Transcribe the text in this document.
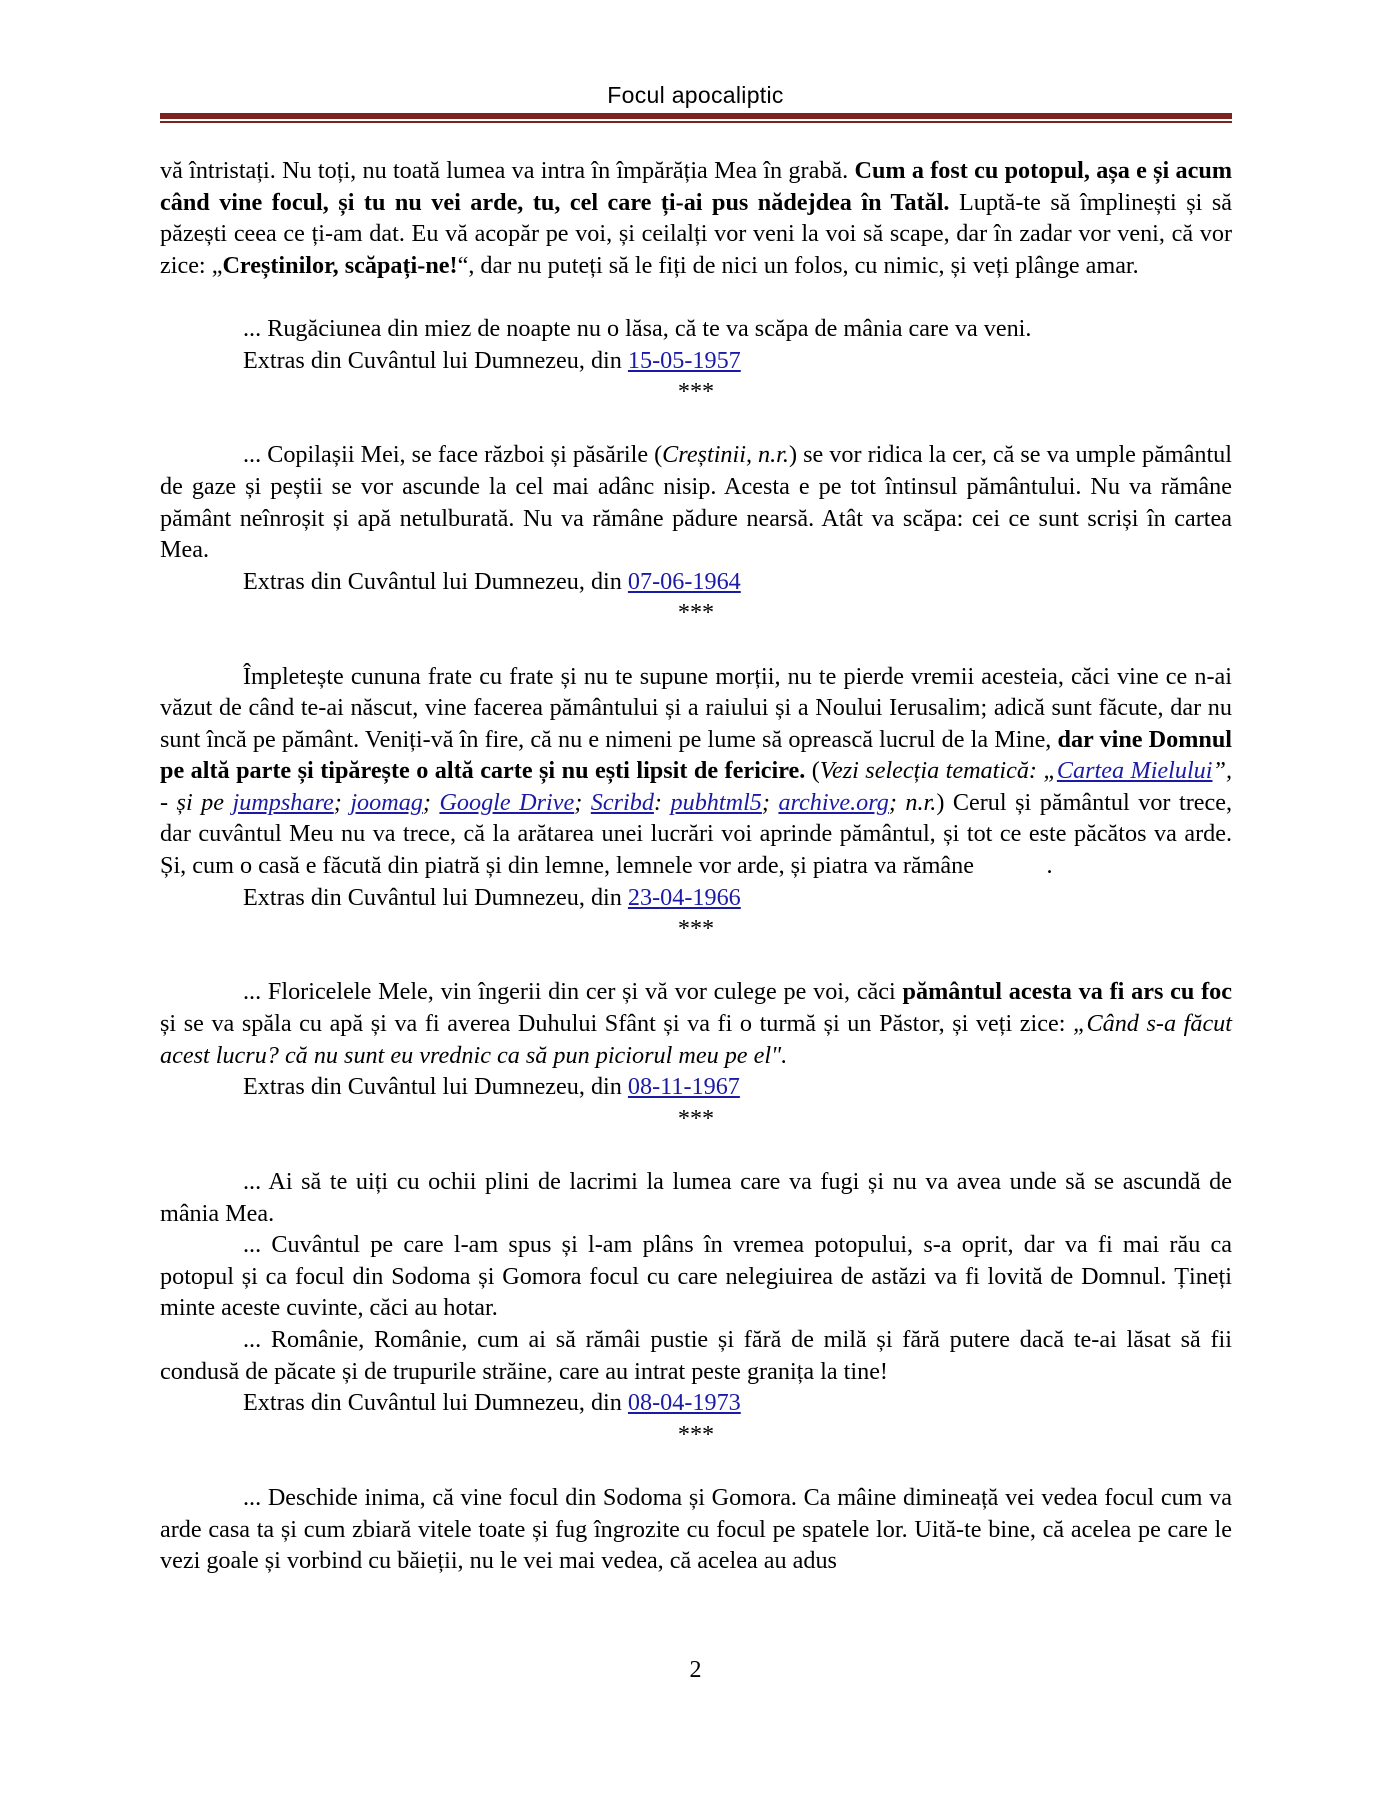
Focul apocaliptic

vă întristați. Nu toți, nu toată lumea va intra în împărăția Mea în grabă. Cum a fost cu potopul, așa e și acum când vine focul, și tu nu vei arde, tu, cel care ți-ai pus nădejdea în Tatăl. Luptă-te să împlinești și să păzești ceea ce ți-am dat. Eu vă acopăr pe voi, și ceilalți vor veni la voi să scape, dar în zadar vor veni, că vor zice: „Creștinilor, scăpați-ne!“, dar nu puteți să le fiți de nici un folos, cu nimic, și veți plânge amar.

... Rugăciunea din miez de noapte nu o lăsa, că te va scăpa de mânia care va veni.

Extras din Cuvântul lui Dumnezeu, din 15-05-1957

***

... Copilașii Mei, se face război și păsările (Creștinii, n.r.) se vor ridica la cer, că se va umple pământul de gaze și peștii se vor ascunde la cel mai adânc nisip. Acesta e pe tot întinsul pământului. Nu va rămâne pământ neînroșit și apă netulburată. Nu va rămâne pădure nearsă. Atât va scăpa: cei ce sunt scriși în cartea Mea.

Extras din Cuvântul lui Dumnezeu, din 07-06-1964

***

Împletește cununa frate cu frate și nu te supune morții, nu te pierde vremii acesteia, căci vine ce n-ai văzut de când te-ai născut, vine facerea pământului și a raiului și a Noului Ierusalim; adică sunt făcute, dar nu sunt încă pe pământ. Veniți-vă în fire, că nu e nimeni pe lume să oprească lucrul de la Mine, dar vine Domnul pe altă parte și tipărește o altă carte și nu ești lipsit de fericire. (Vezi selecția tematică: „Cartea Mielului”, - și pe jumpshare; joomag; Google Drive; Scribd: pubhtml5; archive.org; n.r.) Cerul și pământul vor trece, dar cuvântul Meu nu va trece, că la arătarea unei lucrări voi aprinde pământul, și tot ce este păcătos va arde. Și, cum o casă e făcută din piatră și din lemne, lemnele vor arde, și piatra va rămâne            .

Extras din Cuvântul lui Dumnezeu, din 23-04-1966

***

... Floricelele Mele, vin îngerii din cer și vă vor culege pe voi, căci pământul acesta va fi ars cu foc și se va spăla cu apă și va fi averea Duhului Sfânt și va fi o turmă și un Păstor, și veți zice: „Când s-a făcut acest lucru? că nu sunt eu vrednic ca să pun piciorul meu pe el".

Extras din Cuvântul lui Dumnezeu, din 08-11-1967

***

... Ai să te uiți cu ochii plini de lacrimi la lumea care va fugi și nu va avea unde să se ascundă de mânia Mea.

... Cuvântul pe care l-am spus și l-am plâns în vremea potopului, s-a oprit, dar va fi mai rău ca potopul și ca focul din Sodoma și Gomora focul cu care nelegiuirea de astăzi va fi lovită de Domnul. Țineți minte aceste cuvinte, căci au hotar.

... Românie, Românie, cum ai să rămâi pustie și fără de milă și fără putere dacă te-ai lăsat să fii condusă de păcate și de trupurile străine, care au intrat peste granița la tine!

Extras din Cuvântul lui Dumnezeu, din 08-04-1973

***

... Deschide inima, că vine focul din Sodoma și Gomora. Ca mâine dimineață vei vedea focul cum va arde casa ta și cum zbiară vitele toate și fug îngrozite cu focul pe spatele lor. Uită-te bine, că acelea pe care le vezi goale și vorbind cu băieții, nu le vei mai vedea, că acelea au adus

2
